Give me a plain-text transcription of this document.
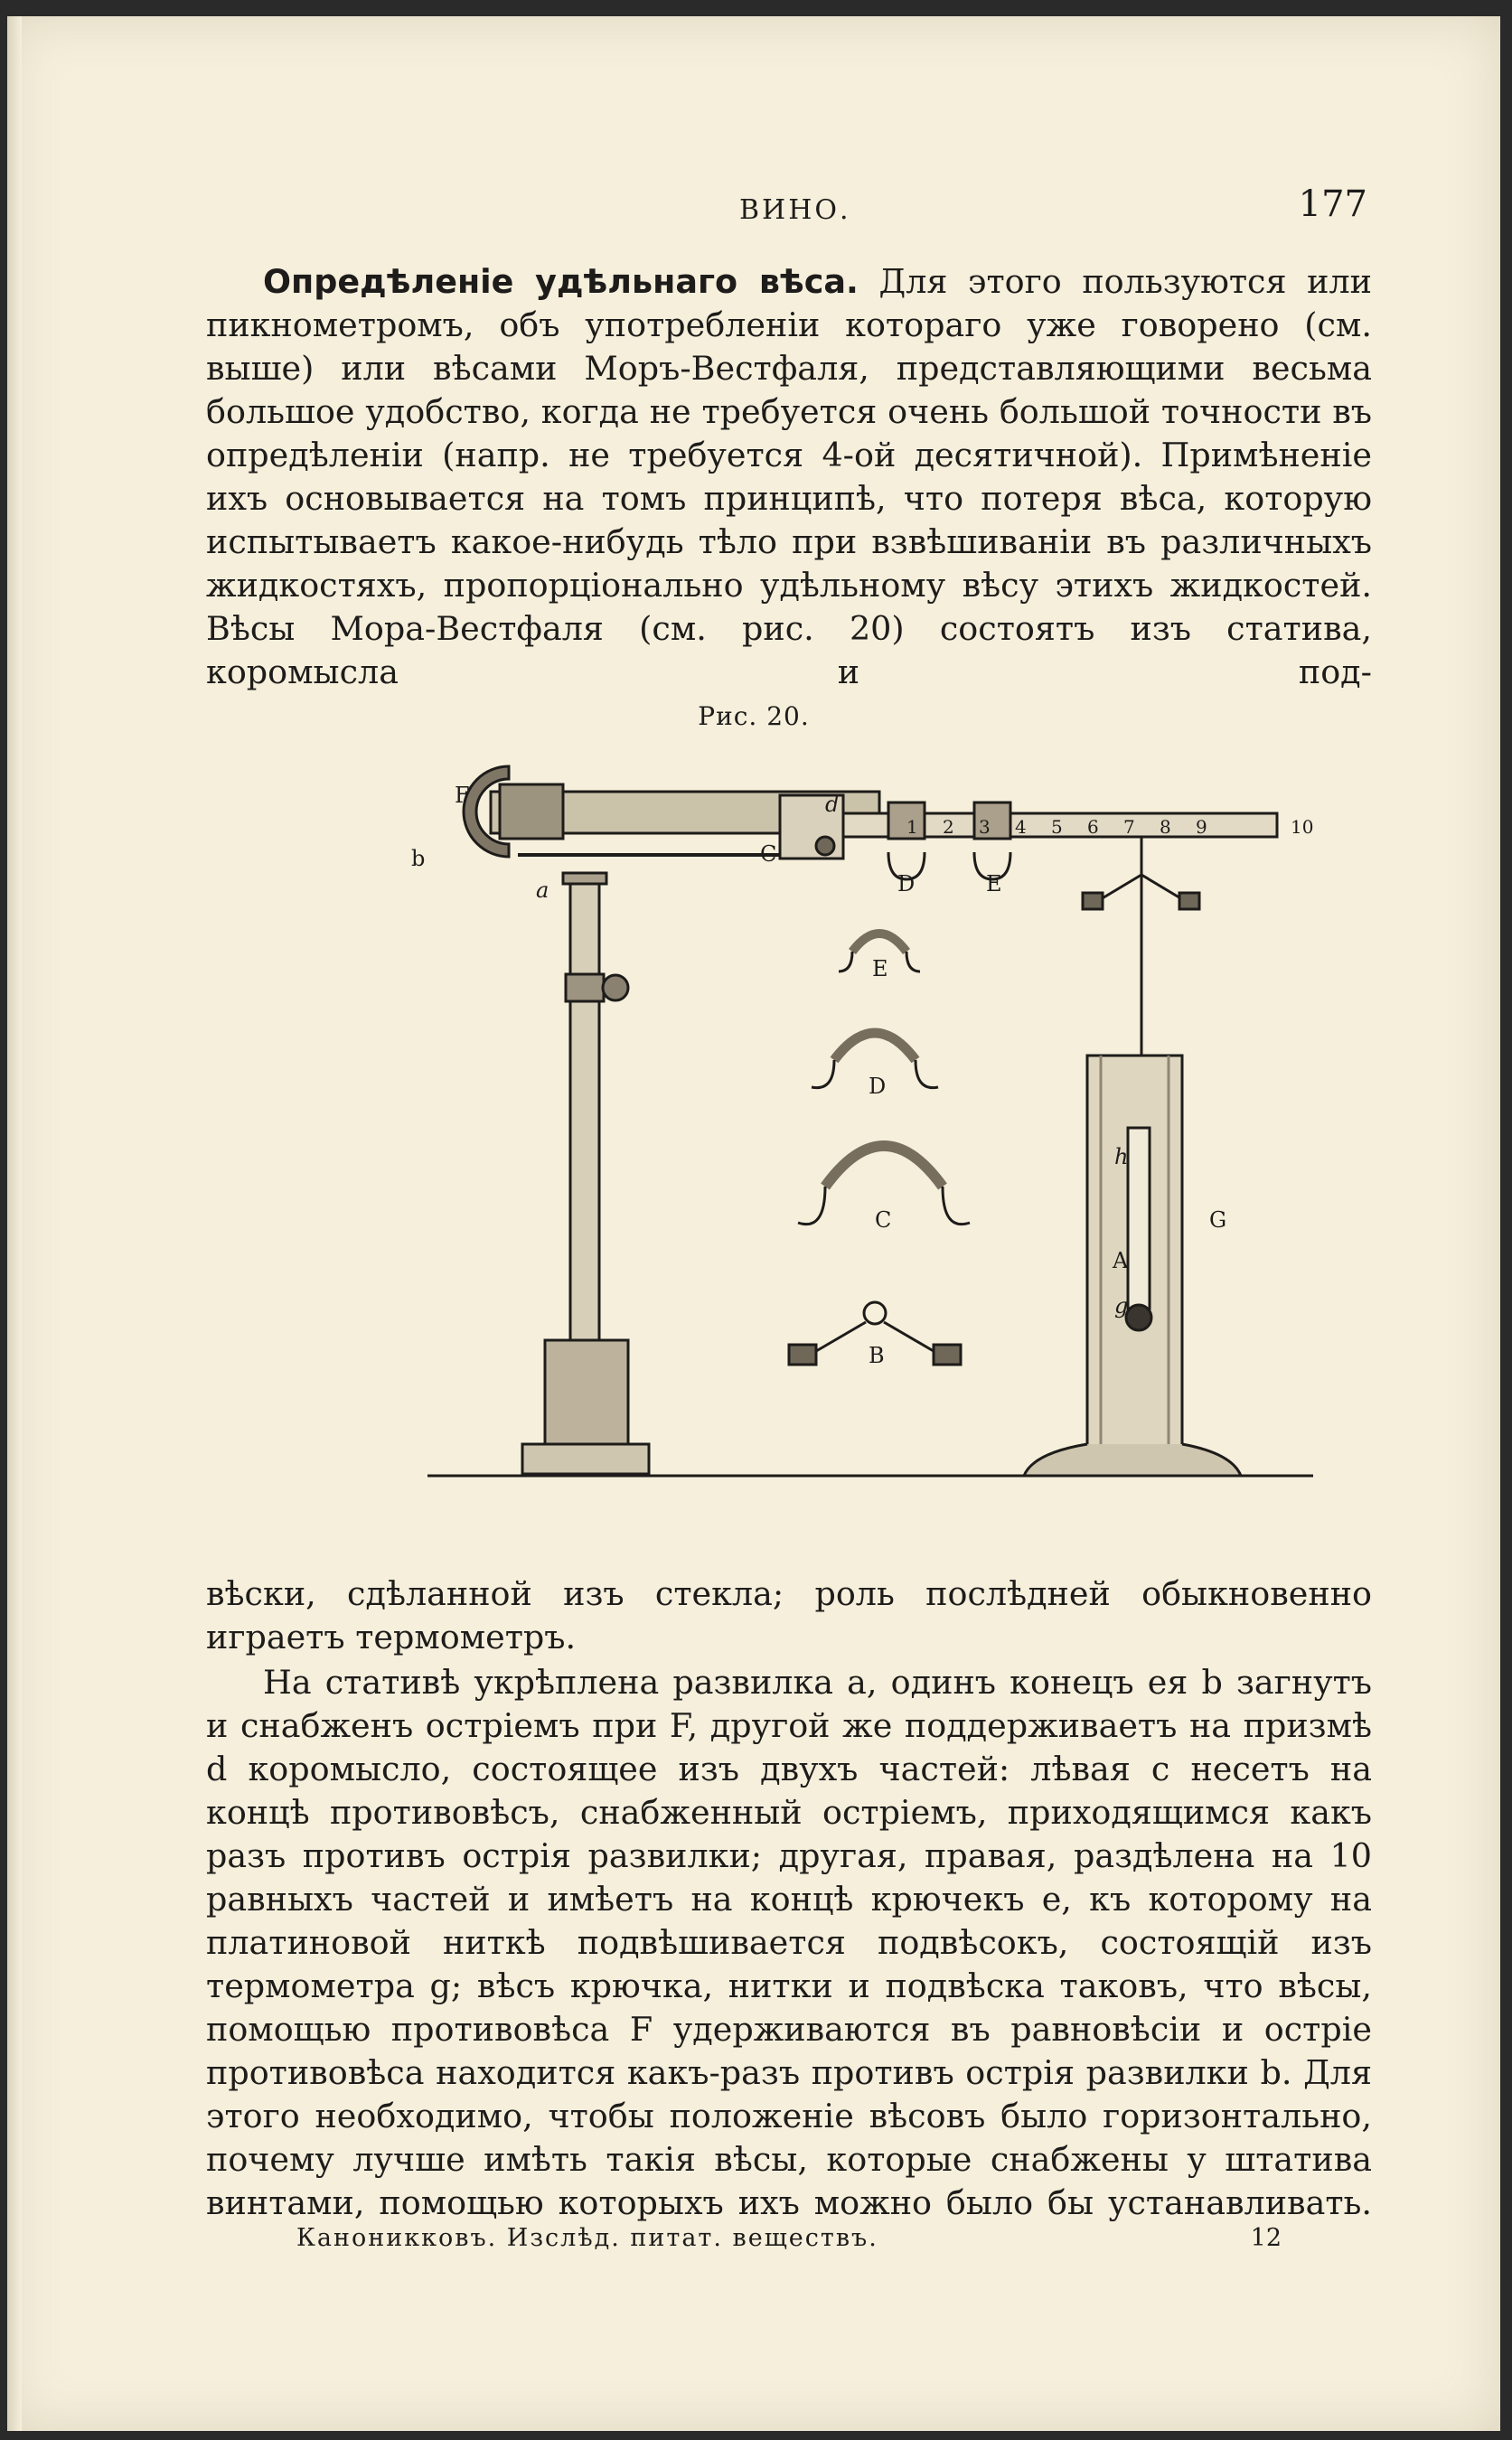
ВИНО.	177

Опредѣленіе удѣльнаго вѣса. Для этого пользуются или пикнометромъ, объ употребленіи котораго уже говорено (см. выше) или вѣсами Моръ-Вестфаля, представляющими весьма большое удобство, когда не требуется очень большой точности въ опредѣленіи (напр. не требуется 4-ой десятичной). Примѣненіе ихъ основывается на томъ принципѣ, что потеря вѣса, которую испытываетъ какое-нибудь тѣло при взвѣшиваніи въ различныхъ жидкостяхъ, пропорціонально удѣльному вѣсу этихъ жидкостей. Вѣсы Мора-Вестфаля (см. рис. 20) состоятъ изъ статива, коромысла и под-

Рис. 20.
1 2 3 4 5 6 7 8 9
b
F
a
C
d
D	E
10
E
D
C
B
G
h
A
g

вѣски, сдѣланной изъ стекла; роль послѣдней обыкновенно играетъ термометръ.

На стативѣ укрѣплена развилка a, одинъ конецъ ея b загнутъ и снабженъ остріемъ при F, другой же поддерживаетъ на призмѣ d коромысло, состоящее изъ двухъ частей: лѣвая c несетъ на концѣ противовѣсъ, снабженный остріемъ, приходящимся какъ разъ противъ острія развилки; другая, правая, раздѣлена на 10 равныхъ частей и имѣетъ на концѣ крючекъ e, къ которому на платиновой ниткѣ подвѣшивается подвѣсокъ, состоящій изъ термометра g; вѣсъ крючка, нитки и подвѣска таковъ, что вѣсы, помощью противовѣса F удерживаются въ равновѣсіи и остріе противовѣса находится какъ-разъ противъ острія развилки b. Для этого необходимо, чтобы положеніе вѣсовъ было горизонтально, почему лучше имѣть такія вѣсы, которые снабжены у штатива винтами, помощью которыхъ ихъ можно было бы устанавливать.

Каноникковъ. Изслѣд. питат. веществъ.	12
